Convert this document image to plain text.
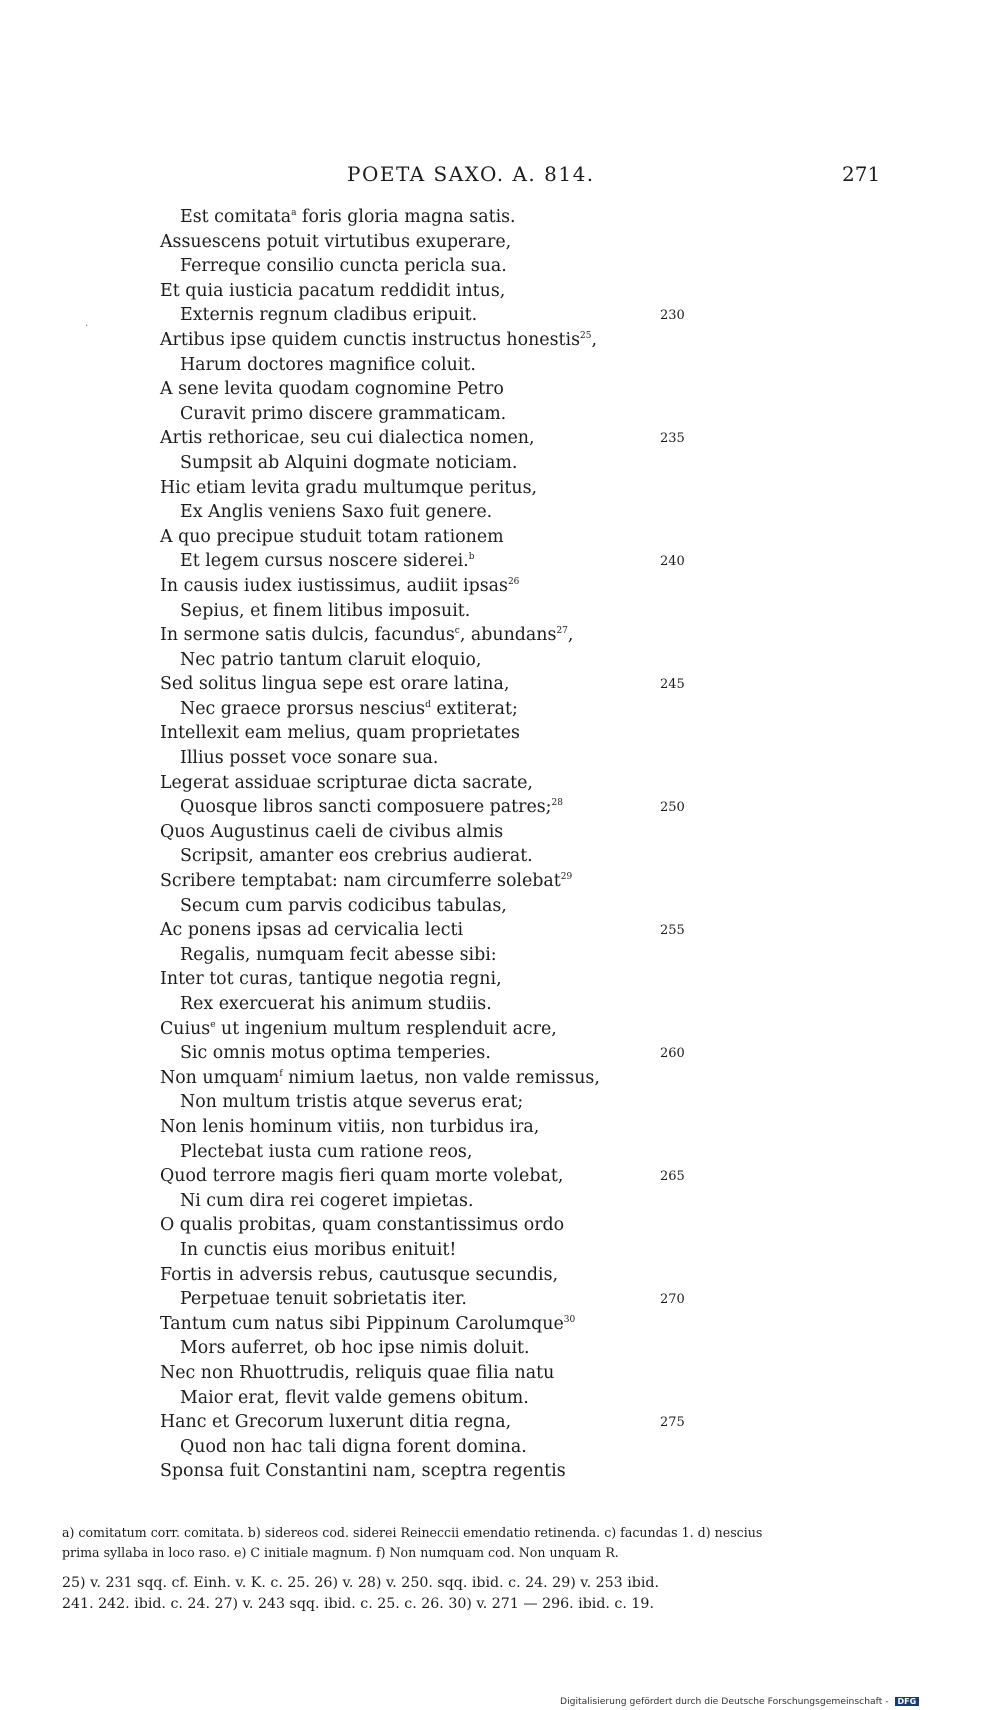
POETA SAXO. A. 814.	271
·
Est comitata$^a$ foris gloria magna satis.
Assuescens potuit virtutibus exuperare,
Ferreque consilio cuncta pericla sua.
Et quia iusticia pacatum reddidit intus,
Externis regnum cladibus eripuit.	230
Artibus ipse quidem cunctis instructus honestis$^{25}$,
Harum doctores magnifice coluit.
A sene levita quodam cognomine Petro
Curavit primo discere grammaticam.
Artis rethoricae, seu cui dialectica nomen,	235
Sumpsit ab Alquini dogmate noticiam.
Hic etiam levita gradu multumque peritus,
Ex Anglis veniens Saxo fuit genere.
A quo precipue studuit totam rationem
Et legem cursus noscere siderei.$^b$	240
In causis iudex iustissimus, audiit ipsas$^{26}$
Sepius, et finem litibus imposuit.
In sermone satis dulcis, facundus$^c$, abundans$^{27}$,
Nec patrio tantum claruit eloquio,
Sed solitus lingua sepe est orare latina,	245
Nec graece prorsus nescius$^d$ extiterat;
Intellexit eam melius, quam proprietates
Illius posset voce sonare sua.
Legerat assiduae scripturae dicta sacrate,
Quosque libros sancti composuere patres;$^{28}$	250
Quos Augustinus caeli de civibus almis
Scripsit, amanter eos crebrius audierat.
Scribere temptabat: nam circumferre solebat$^{29}$
Secum cum parvis codicibus tabulas,
Ac ponens ipsas ad cervicalia lecti	255
Regalis, numquam fecit abesse sibi:
Inter tot curas, tantique negotia regni,
Rex exercuerat his animum studiis.
Cuius$^e$ ut ingenium multum resplenduit acre,
Sic omnis motus optima temperies.	260
Non umquam$^f$ nimium laetus, non valde remissus,
Non multum tristis atque severus erat;
Non lenis hominum vitiis, non turbidus ira,
Plectebat iusta cum ratione reos,
Quod terrore magis fieri quam morte volebat,	265
Ni cum dira rei cogeret impietas.
O qualis probitas, quam constantissimus ordo
In cunctis eius moribus enituit!
Fortis in adversis rebus, cautusque secundis,
Perpetuae tenuit sobrietatis iter.	270
Tantum cum natus sibi Pippinum Carolumque$^{30}$
Mors auferret, ob hoc ipse nimis doluit.
Nec non Rhuottrudis, reliquis quae filia natu
Maior erat, flevit valde gemens obitum.
Hanc et Grecorum luxerunt ditia regna,	275
Quod non hac tali digna forent domina.
Sponsa fuit Constantini nam, sceptra regentis
a) comitatum corr. comitata. b) sidereos cod. siderei Reineccii emendatio retinenda. c) facundas 1. d) nescius
prima syllaba in loco raso. e) C initiale magnum. f) Non numquam cod. Non unquam R.
25) v. 231 sqq. cf. Einh. v. K. c. 25. 26) v. 28) v. 250. sqq. ibid. c. 24. 29) v. 253 ibid.
241. 242. ibid. c. 24. 27) v. 243 sqq. ibid. c. 25. c. 26. 30) v. 271 — 296. ibid. c. 19.
Digitalisierung gefördert durch die Deutsche Forschungsgemeinschaft - DFG
